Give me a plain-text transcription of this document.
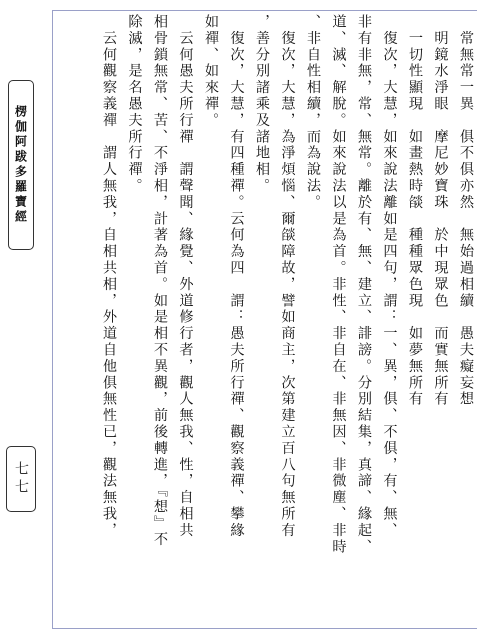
楞伽阿跋多羅寶經
七七
　常無常一異　俱不俱亦然　無始過相續　愚夫癡妄想
　明鏡水淨眼　摩尼妙寶珠　於中現眾色　而實無所有
　一切性顯現　如畫熱時燄　種種眾色現　如夢無所有
　復次，大慧，如來說法離如是四句，謂：一、異，俱、不俱，有、無、
非有非無，常、無常。離於有、無、建立、誹謗。分別結集，真諦、緣起、
道、滅、解脫。如來說法以是為首。非性、非自在、非無因、非微塵、非時
、非自性相續，而為說法。
　復次，大慧，為淨煩惱、爾燄障故，譬如商主，次第建立百八句無所有
，善分別諸乘及諸地相。
　復次，大慧，有四種禪。云何為四　謂：愚夫所行禪、觀察義禪、攀緣
如禪、如來禪。
　云何愚夫所行禪　謂聲聞、緣覺、外道修行者，觀人無我、性，自相共
相骨鎖無常、苦、不淨相，計著為首。如是相不異觀，前後轉進，『想』不
除滅，是名愚夫所行禪。
　云何觀察義禪　謂人無我，自相共相，外道自他俱無性已，觀法無我，
